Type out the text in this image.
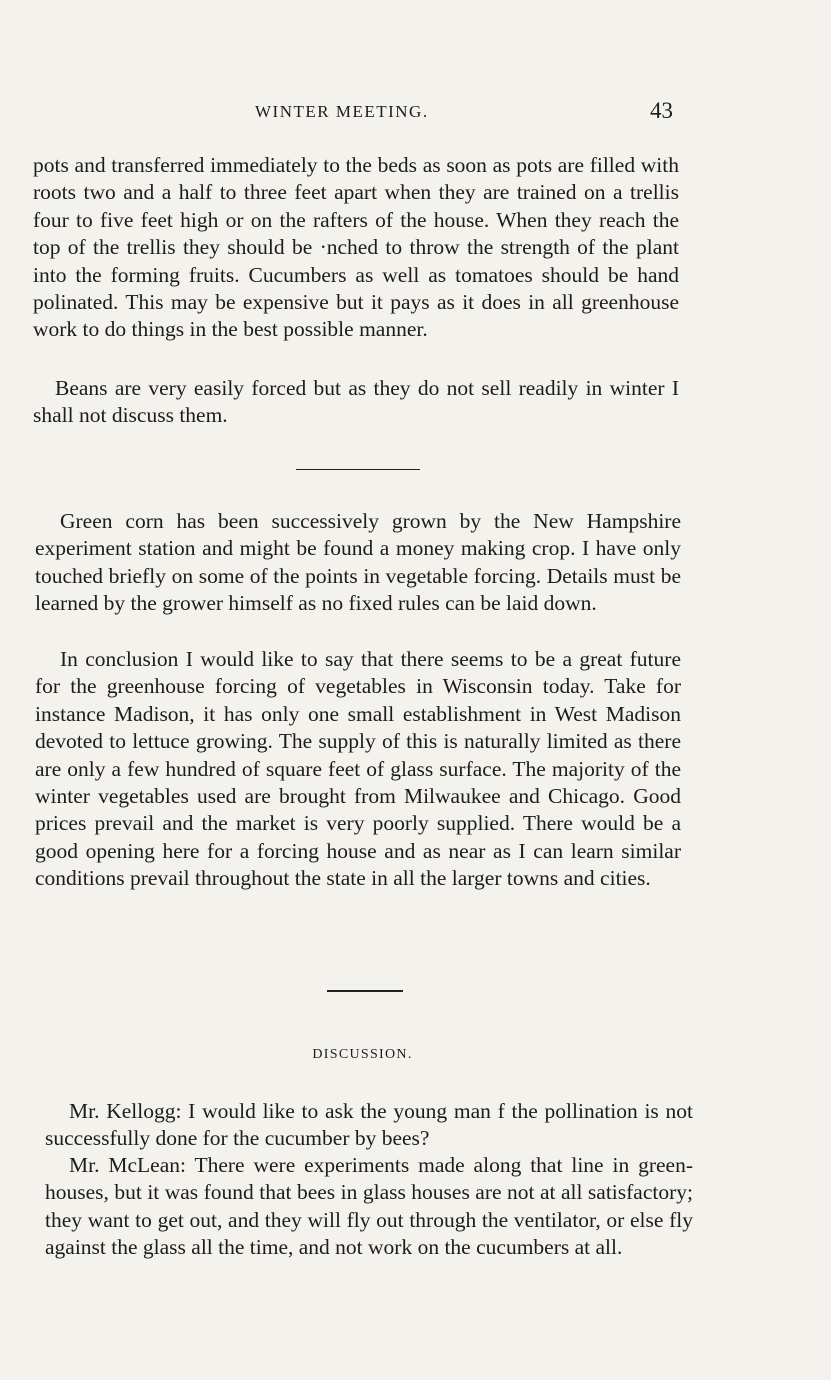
WINTER MEETING.	43

pots and transferred immediately to the beds as soon as pots are filled with roots two and a half to three feet apart when they are trained on a trellis four to five feet high or on the rafters of the house. When they reach the top of the trellis they should be ·nched to throw the strength of the plant into the forming fruits. Cucumbers as well as tomatoes should be hand polinated. This may be expensive but it pays as it does in all greenhouse work to do things in the best possible manner.

Beans are very easily forced but as they do not sell readily in winter I shall not discuss them.

Green corn has been successively grown by the New Hampshire experiment station and might be found a money making crop. I have only touched briefly on some of the points in vegetable forcing. Details must be learned by the grower himself as no fixed rules can be laid down.

In conclusion I would like to say that there seems to be a great future for the greenhouse forcing of vegetables in Wisconsin today. Take for instance Madison, it has only one small establishment in West Madison devoted to lettuce growing. The supply of this is naturally limited as there are only a few hundred of square feet of glass surface. The majority of the winter vegetables used are brought from Milwaukee and Chicago. Good prices prevail and the market is very poorly supplied. There would be a good opening here for a forcing house and as near as I can learn similar conditions prevail throughout the state in all the larger towns and cities.

DISCUSSION.

Mr. Kellogg: I would like to ask the young man f the pollination is not successfully done for the cucumber by bees?

Mr. McLean: There were experiments made along that line in green-houses, but it was found that bees in glass houses are not at all satisfactory; they want to get out, and they will fly out through the ventilator, or else fly against the glass all the time, and not work on the cucumbers at all.
